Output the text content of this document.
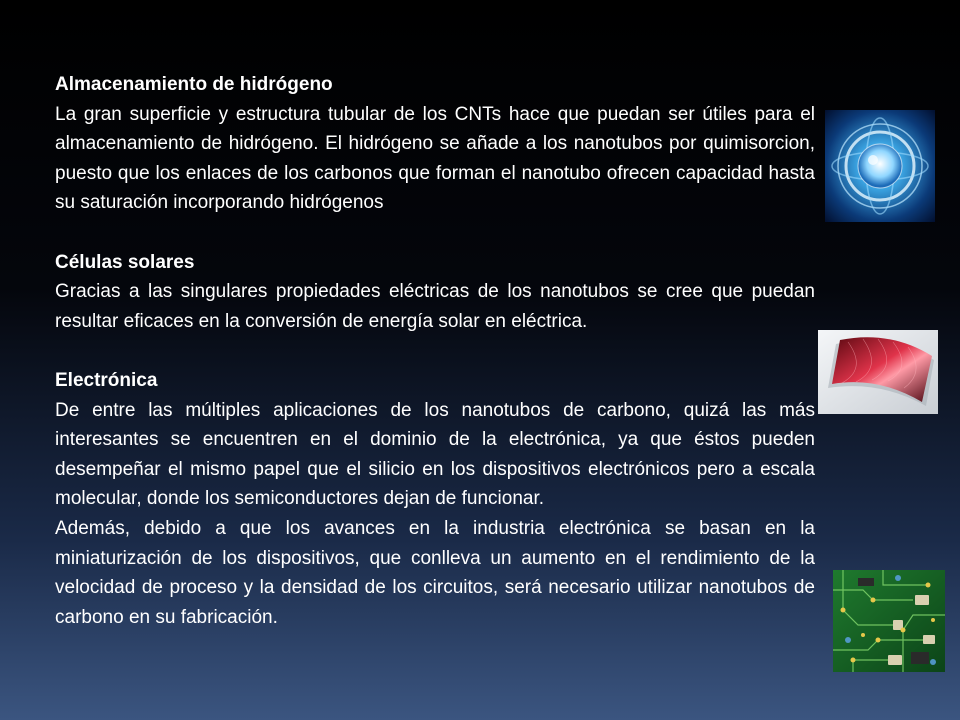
Almacenamiento de hidrógeno

La gran superficie y estructura tubular de los CNTs hace que puedan ser útiles para el almacenamiento de hidrógeno. El hidrógeno se añade a los nanotubos por quimisorcion, puesto que los enlaces de los carbonos que forman el nanotubo ofrecen capacidad hasta su saturación incorporando hidrógenos

Células solares

Gracias a las singulares propiedades eléctricas de los nanotubos se cree que puedan resultar eficaces en la conversión de energía solar en eléctrica.

Electrónica

De entre las múltiples aplicaciones de los nanotubos de carbono, quizá las más interesantes se encuentren en el dominio de la electrónica, ya que éstos pueden desempeñar el mismo papel que el silicio en los dispositivos electrónicos pero a escala molecular, donde los semiconductores dejan de funcionar.

Además, debido a que los avances en la industria electrónica se basan en la miniaturización de los dispositivos, que conlleva un aumento en el rendimiento de la velocidad de proceso y la densidad de los circuitos, será necesario utilizar nanotubos de carbono en su fabricación.
